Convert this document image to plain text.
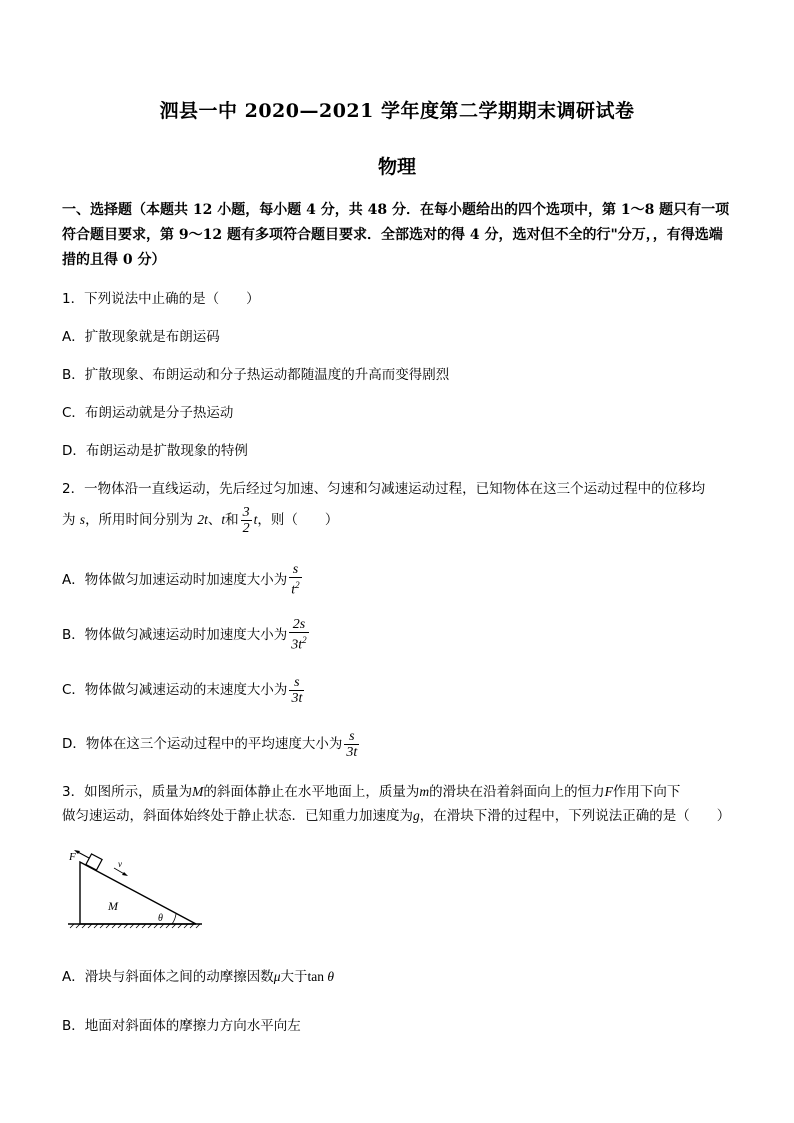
泗县一中 2020—2021 学年度第二学期期末调研试卷
物理
一、选择题（本题共 12 小题，每小题 4 分，共 48 分．在每小题给出的四个选项中，第 1～8 题只有一项符合题目要求，第 9～12 题有多项符合题目要求．全部选对的得 4 分，选对但不全的行"分万，，有得选端措的且得 0 分）
1．下列说法中止确的是（　　）
A．扩散现象就是布朗运码
B．扩散现象、布朗运动和分子热运动都随温度的升高而变得剧烈
C．布朗运动就是分子热运动
D．布朗运动是扩散现象的特例
2．一物体沿一直线运动，先后经过匀加速、匀速和匀减速运动过程，已知物体在这三个运动过程中的位移均
为 s，所用时间分别为 2t、t和 $\frac{3}{2}$ t，则（　　）
A．物体做匀加速运动时加速度大小为 $\frac{s}{t^2}$
B．物体做匀减速运动时加速度大小为 $\frac{2s}{3t^2}$
C．物体做匀减速运动的末速度大小为 $\frac{s}{3t}$
D．物体在这三个运动过程中的平均速度大小为 $\frac{s}{3t}$
3．如图所示，质量为M的斜面体静止在水平地面上，质量为m的滑块在沿着斜面向上的恒力F作用下向下
做匀速运动，斜面体始终处于静止状态．已知重力加速度为g，在滑块下滑的过程中，下列说法正确的是（　　）
F
v
M
θ
A．滑块与斜面体之间的动摩擦因数μ大于tan θ
B．地面对斜面体的摩擦力方向水平向左
